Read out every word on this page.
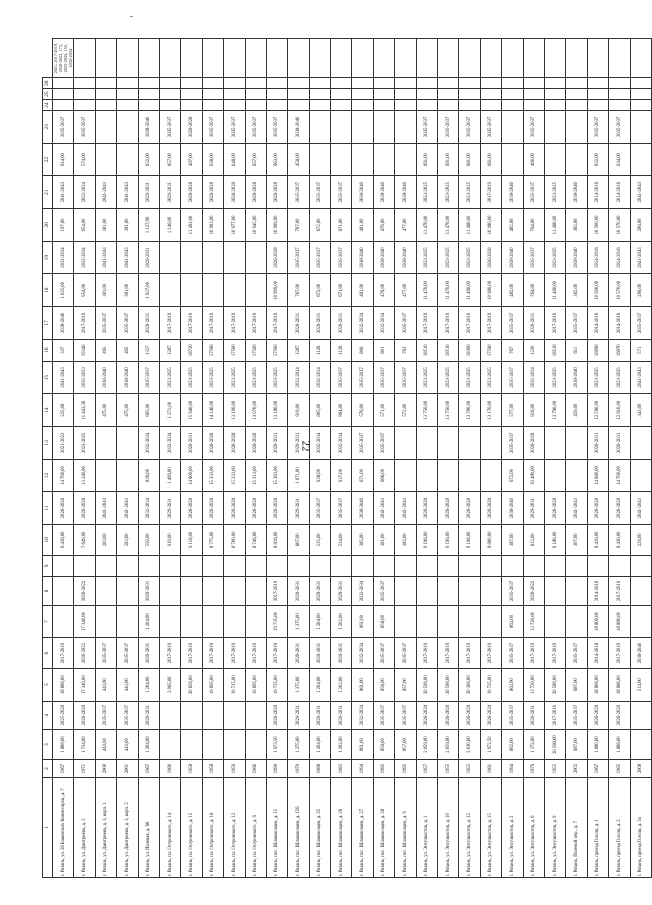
22
1	2	3	4	5	6	7	8	9	10	11	12	13	14	15	16	17	18	19	20	21	22	23	24	25	26	
г. Рязань, ул. 26 Бакинских Комиссаров, д. 7	1967	1 888,00	2025-2028	18 880,00	2017-2019				6 436,00	2026-2026	14 700,00	2021-2023	225,08	2041-2043	337	2038-2040	1 025,00	2032-2034	197,00	2041-2043	614,00	2035-2037				2021, 2017-2019, 2020-2022, 173, 2023-2025, 153, 2032-2034
г. Рязань, ул. Дмитриева, д. 3	1971	1 734,00	2026-2028	17 340,00	2020-2022	17 340,00	2020-2022		7 649,00	2026-2028	13 340,00	2023-2025	11 443,36	2032-2033	19340	2017-2019	954,00	2032-2034	954,00	2022-2024	574,00	2035-2037				
г. Рязань, ул. Дмитриева, д. 3, корп. 1	2000	443,00	2035-2037	443,00	2035-2037				283,00	2041-2043			475,00	2038-2040	495	2035-2037	381,00	2041-2043	381,00	2041-2043						
г. Рязань, ул. Дмитриева, д. 3, корп. 2	2001	443,00	2035-2037	443,00	2035-2037				283,00	2041-2043			475,00	2038-2040	495	2035-2037	381,00	2041-2043	381,00	2041-2043						
г. Рязань, ул. Полевая, д. 66	1967	1 204,00	2029-2031	1 204,00	2029-2031	1 204,00	2029-2031		550,00	2032-2034	839,00	2032-2034	605,00	2035-2037	1327	2029-2031	1 927,00	2029-2031	1 127,00	2029-2031	632,00	2038-2040				
г. Рязань, пл. Островского, д. 14	1960			2 065,00	2017-2019				910,00	2029-2031	1 499,00	2032-2034	1 271,00	2023-2025	1287	2017-2019			1 146,00	2029-2031	657,00	2035-2037				
г. Рязань, пл. Островского, д. 15	1958			20 650,00	2017-2019				9 116,00	2026-2028	14 600,00	2029-2031	15 940,00	2023-2025	18720	2017-2019			11 493,00	2026-2028	487,00	2026-2028				
г. Рязань, пл. Островского, д. 16	1958			19 695,00	2017-2019				8 775,00	2026-2028	15 333,00	2026-2028	14 140,00	2023-2025	17560	2017-2019			10 993,00	2026-2028	638,00	2035-2037				
г. Рязань, пл. Островского, д. 12	1959			19 715,00	2017-2019				8 700,00	2026-2028	15 333,00	2026-2028	13 100,00	2023-2025	17500	2017-2019			10 977,00	2026-2028	648,00	2035-2037				
г. Рязань, пл. Островского, д. 9	1960			19 695,00	2017-2019				8 746,00	2026-2028	15 313,00	2026-2028	13 070,00	2023-2025	17500	2017-2019			10 945,00	2026-2028	657,00	2035-2037				
г. Рязань, пос. Шлаковозцев, д. 15	1999	1 973,50	2026-2028	19 735,00	2017-2019	19 735,00	2017-2019		8 816,00	2026-2028	15 363,00	2029-2031	13 180,00	2023-2025	17500	2017-2019	10 999,00	2026-2028	10 999,00	2026-2028	663,00	2035-2037				
г. Рязань, пос. Шлаковозцев, д. 156	1979	1 375,00	2029-2031	1 375,00	2029-2031	1 375,00	2029-2031		607,00	2029-2031	1 071,00	2029-2031	919,00	2032-2034	1287	2029-2031	767,00	2035-2037	767,00	2035-2037	458,00	2038-2040				
г. Рязань, пос. Шлаковозцев, д. 25	1988	1 204,00	2029-2031	1 204,00	2029-2031	1 204,00	2029-2031		535,00	2035-2037	938,00	2032-2034	805,00	2032-2034	1126	2029-2031	672,00	2035-2037	672,00	2035-2037						
г. Рязань, пос. Шлаковозцев, д. 26	1983	1 202,00	2029-2031	1 202,00	2029-2031	1 202,00	2029-2031		534,00	2035-2037	937,00	2032-2034	804,00	2035-2037	1126	2029-2031	671,00	2035-2037	671,00	2035-2037						
г. Рязань, пос. Шлаковозцев, д. 27	1994	861,00	2032-2034	861,00	2032-2034	861,00	2032-2034		385,00	2038-2040	671,00	2035-2037	576,00	2035-2037	806	2032-2034	481,00	2038-2040	481,00	2038-2040						
г. Рязань, пос. Шлаковозцев, д. 28	1995	856,00	2035-2037	856,00	2035-2037	856,00	2035-2037		381,00	2041-2043	666,00	2035-2037	571,00	2035-2037	801	2032-2034	476,00	2038-2040	476,00	2038-2040						
г. Рязань, пос. Шлаковозцев, д. 9	1995	857,00	2035-2037	857,00	2035-2037				382,00	2041-2043			572,00	2035-2037	763	2035-2037	477,00	2038-2040	477,00	2038-2040						
г. Рязань, ул. Энтузиастов, д. 1	1957	2 059,00	2026-2028	20 590,00	2017-2019				9 196,00	2026-2028			13 750,00	2023-2025	18510	2017-2019	11 470,00	2023-2025	11 470,00	2023-2025	691,00	2035-2037				
г. Рязань, ул. Энтузиастов, д. 10	1955	2 059,00	2026-2028	20 590,00	2017-2019				9 196,00	2026-2028			13 750,00	2023-2025	18510	2017-2019	11 470,00	2023-2025	11 470,00	2023-2025	691,00	2035-2037				
г. Рязань, ул. Энтузиастов, д. 12	1955	2 030,00	2026-2028	20 300,00	2017-2019				9 198,00	2026-2028			13 700,00	2023-2025	18300	2017-2019	11 460,00	2023-2025	11 460,00	2023-2025	681,00	2035-2037				
г. Рязань, ул. Энтузиастов, д. 15	1961	1 972,50	2026-2028	19 725,00	2017-2019				8 800,00	2026-2028			13 170,00	2023-2025	17590	2017-2019	10 980,00	2026-2028	10 980,00	2017-2019	661,00	2035-2037				
г. Рязань, ул. Энтузиастов, д. 2	1994	862,00	2035-2037	862,00	2035-2037	862,00	2035-2037		387,00	2038-2040	672,00	2035-2037	577,00	2035-2037	767	2035-2037	482,00	2038-2040	482,00	2038-2040						
г. Рязань, ул. Энтузиастов, д. 6	1979	1 372,00	2029-2031	13 720,00	2017-2019	13 720,00	2020-2022		612,00	2029-2031	10 480,00	2026-2028	916,00	2032-2034	1230	2029-2031	764,00	2035-2037	764,00	2035-2037	460,00	2035-2037				
г. Рязань, ул. Энтузиастов, д. 9	1955	20 580,00	2017-2019	20 580,00	2017-2019				9 180,00	2026-2028			13 790,00	2023-2025	18510	2017-2019	11 460,00	2023-2025	11 460,00	2023-2025						
г. Рязань, Полевой пер., д. 7	2002	687,00	2035-2037	687,00	2035-2037				307,00	2041-2043			459,00	2038-2040	611	2035-2037	382,00	2038-2040	382,00	2038-2040						
г. Рязань, проезд Гоголя, д. 1	1967	1 880,00	2026-2028	18 800,00	2014-2016	18 800,00	2014-2016		8 416,00	2026-2028	14 680,00	2029-2031	12 590,00	2023-2025	16990	2014-2016	10 500,00	2014-2016	10 500,00	2014-2016	632,00	2035-2037				
г. Рязань, проезд Гоголя, д. 2	1965	1 888,00	2026-2028	18 880,00	2017-2019	18 880,00	2017-2019		8 430,00	2026-2028	14 700,00	2029-2031	12 610,00	2023-2025	16970	2014-2016	10 570,00	2014-2016	10 570,00	2014-2016	634,00	2035-2037				
г. Рязань, проезд Гоголя, д. 3а	2008			514,00	2038-2040				229,00	2041-2043			343,00	2041-2043	571	2035-2037	286,00	2041-2043	286,00	2041-2043						
